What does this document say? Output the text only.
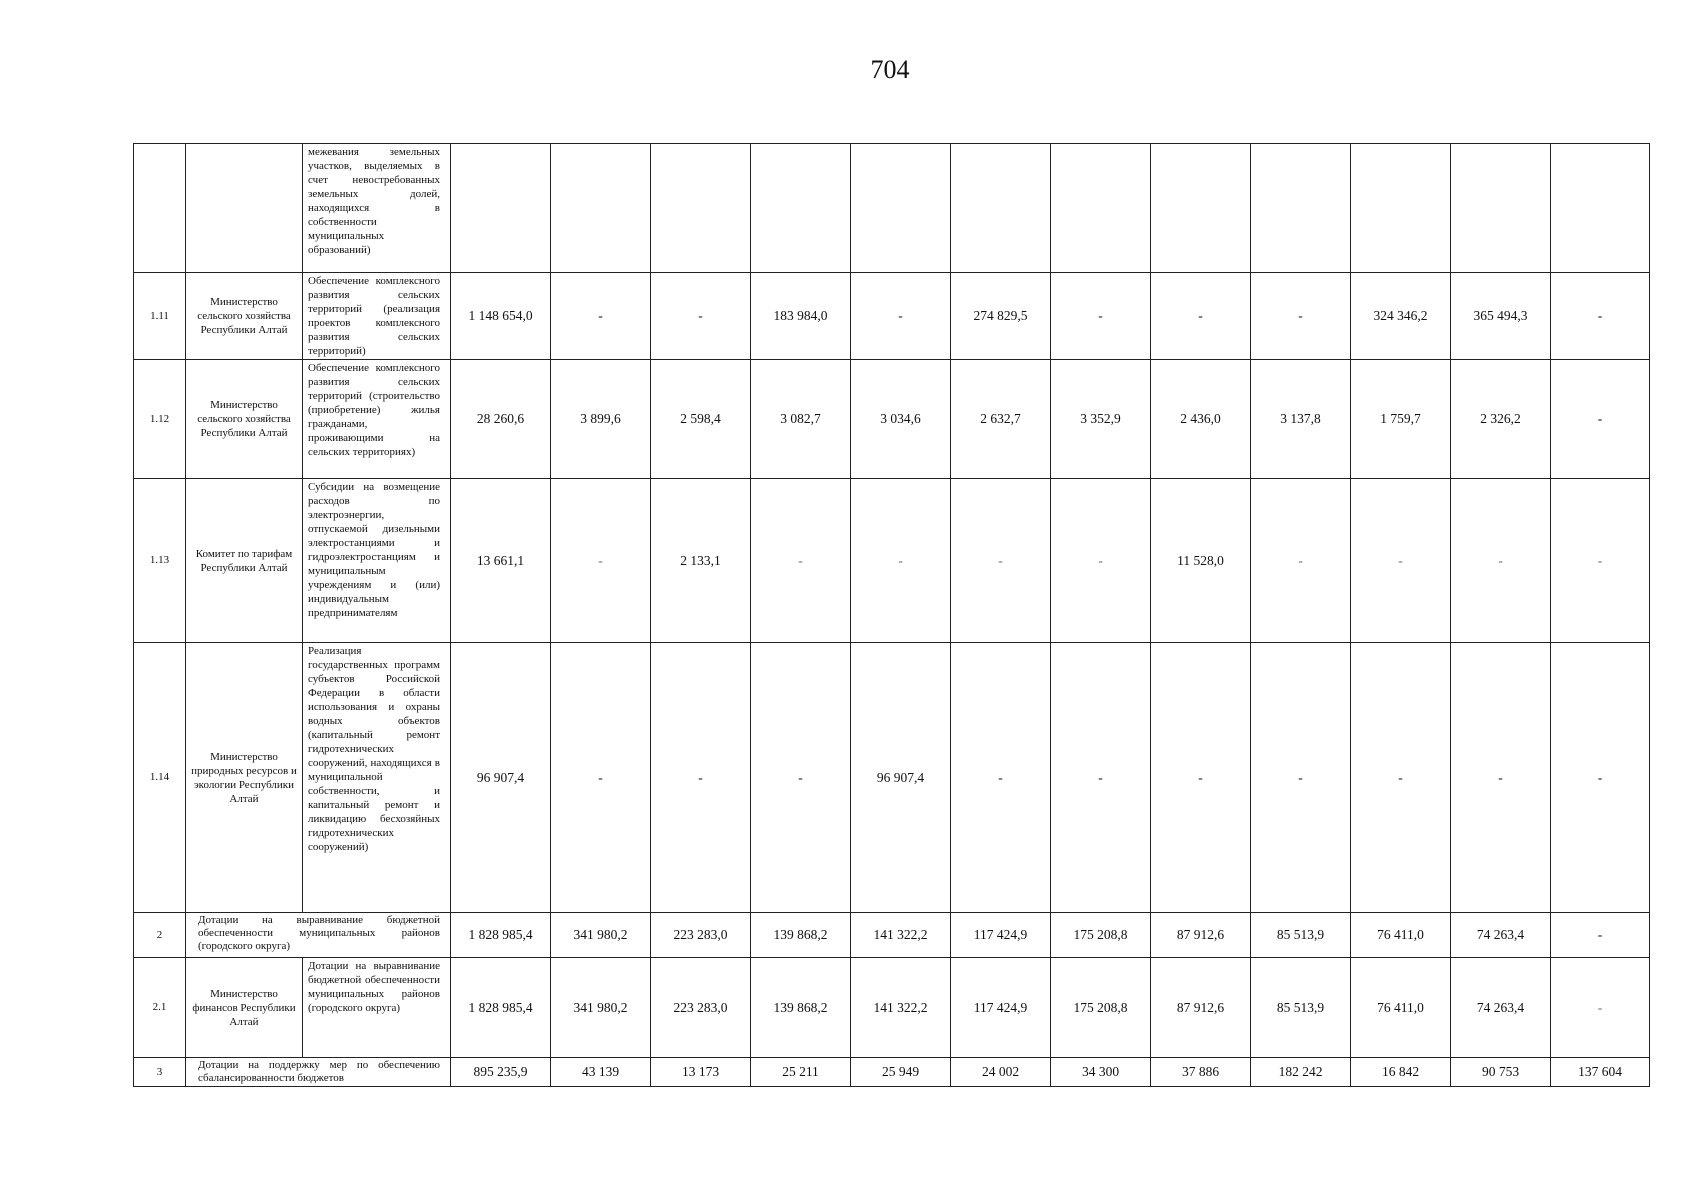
704
		межевания земельных участков, выделяемых в счет невостребованных земельных долей, находящихся в собственности муниципальных образований)												
1.11	Министерство сельского хозяйства Республики Алтай	Обеспечение комплексного развития сельских территорий (реализация проектов комплексного развития сельских территорий)	1 148 654,0	-	-	183 984,0	-	274 829,5	-	-	-	324 346,2	365 494,3	-
1.12	Министерство сельского хозяйства Республики Алтай	Обеспечение комплексного развития сельских территорий (строительство (приобретение) жилья гражданами, проживающими на сельских территориях)	28 260,6	3 899,6	2 598,4	3 082,7	3 034,6	2 632,7	3 352,9	2 436,0	3 137,8	1 759,7	2 326,2	-
1.13	Комитет по тарифам Республики Алтай	Субсидии на возмещение расходов по электроэнергии, отпускаемой дизельными электростанциями и гидроэлектростанциям и муниципальным учреждениям и (или) индивидуальным предпринимателям	13 661,1	-	2 133,1	-	-	-	-	11 528,0	-	-	-	-
1.14	Министерство природных ресурсов и экологии Республики Алтай	Реализация государственных программ субъектов Российской Федерации в области использования и охраны водных объектов (капитальный ремонт гидротехнических сооружений, находящихся в муниципальной собственности, и капитальный ремонт и ликвидацию бесхозяйных гидротехнических сооружений)	96 907,4	-	-	-	96 907,4	-	-	-	-	-	-	-
2	Дотации на выравнивание бюджетной обеспеченности муниципальных районов (городского округа)		1 828 985,4	341 980,2	223 283,0	139 868,2	141 322,2	117 424,9	175 208,8	87 912,6	85 513,9	76 411,0	74 263,4	-
2.1	Министерство финансов Республики Алтай	Дотации на выравнивание бюджетной обеспеченности муниципальных районов (городского округа)	1 828 985,4	341 980,2	223 283,0	139 868,2	141 322,2	117 424,9	175 208,8	87 912,6	85 513,9	76 411,0	74 263,4	-
3	Дотации на поддержку мер по обеспечению сбалансированности бюджетов		895 235,9	43 139	13 173	25 211	25 949	24 002	34 300	37 886	182 242	16 842	90 753	137 604
